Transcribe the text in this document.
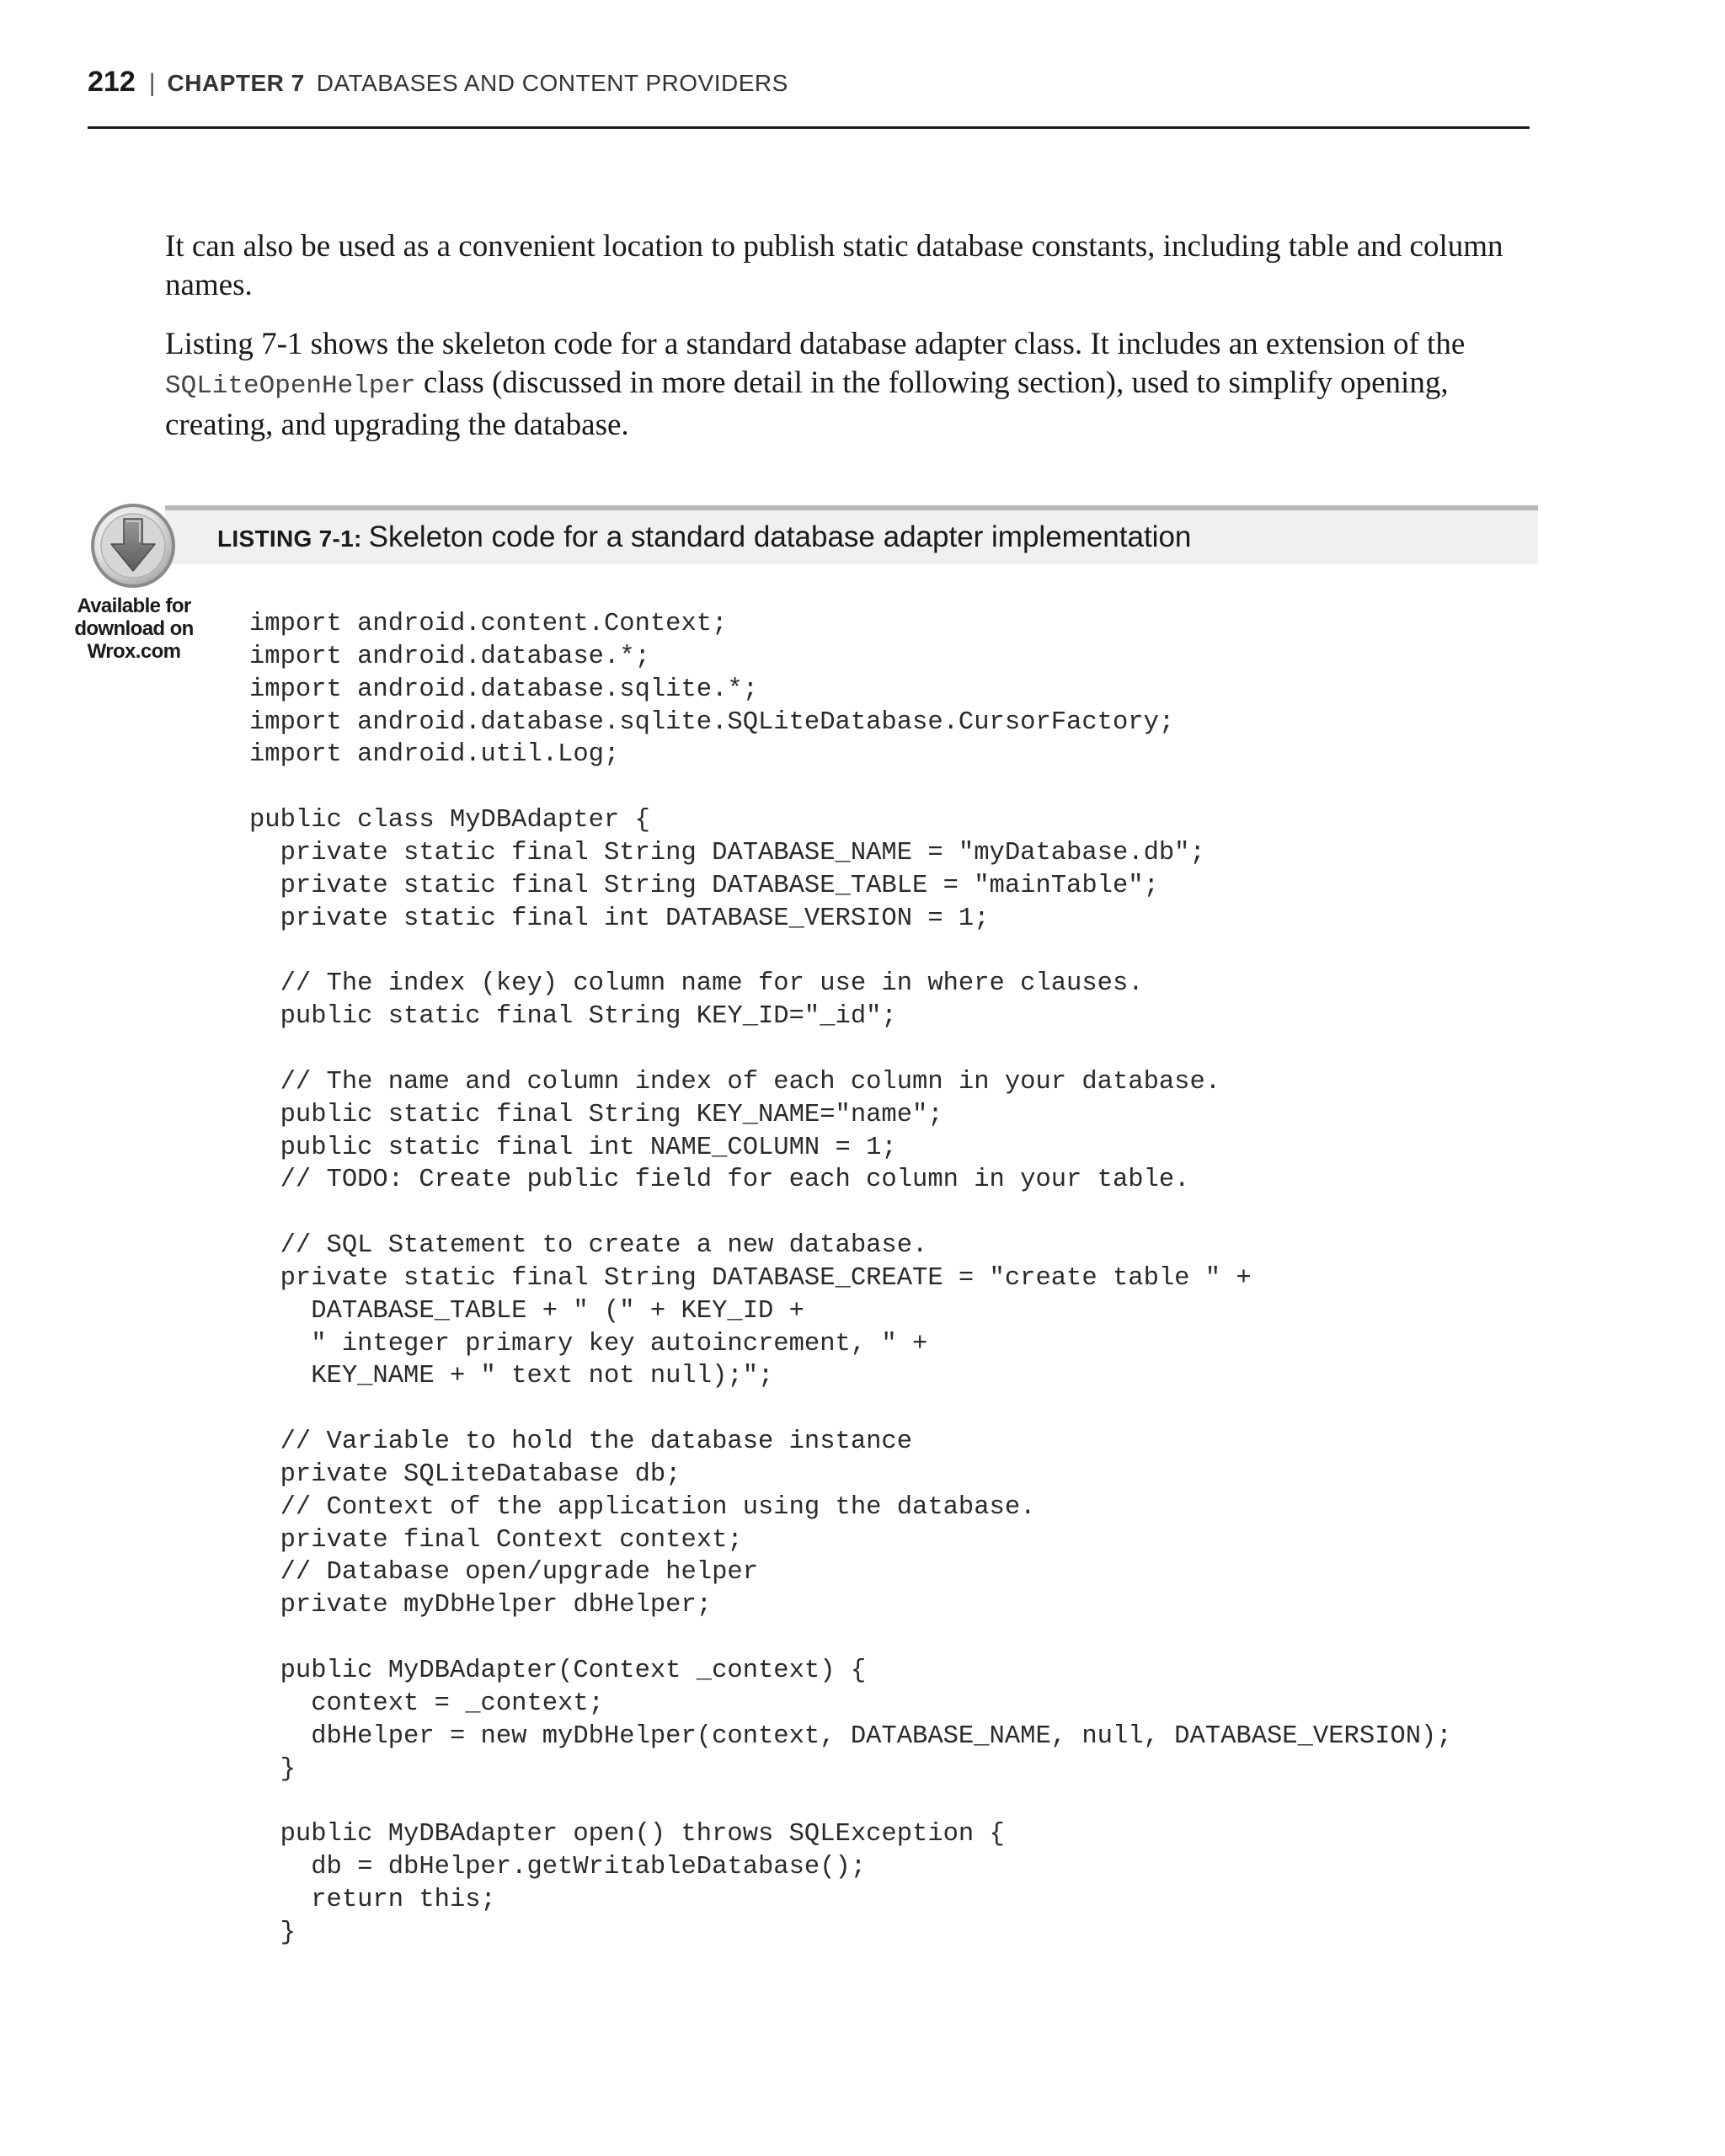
212 | CHAPTER 7 DATABASES AND CONTENT PROVIDERS

It can also be used as a convenient location to publish static database constants, including table and column names.

Listing 7-1 shows the skeleton code for a standard database adapter class. It includes an extension of the SQLiteOpenHelper class (discussed in more detail in the following section), used to simplify opening, creating, and upgrading the database.

LISTING 7-1: Skeleton code for a standard database adapter implementation
Available for
download on
Wrox.com
import android.content.Context;
import android.database.*;
import android.database.sqlite.*;
import android.database.sqlite.SQLiteDatabase.CursorFactory;
import android.util.Log;
public class MyDBAdapter {
private static final String DATABASE_NAME = "myDatabase.db";
private static final String DATABASE_TABLE = "mainTable";
private static final int DATABASE_VERSION = 1;
// The index (key) column name for use in where clauses.
public static final String KEY_ID="_id";
// The name and column index of each column in your database.
public static final String KEY_NAME="name";
public static final int NAME_COLUMN = 1;
// TODO: Create public field for each column in your table.
// SQL Statement to create a new database.
private static final String DATABASE_CREATE = "create table " +
DATABASE_TABLE + " (" + KEY_ID +
" integer primary key autoincrement, " +
KEY_NAME + " text not null);";
// Variable to hold the database instance
private SQLiteDatabase db;
// Context of the application using the database.
private final Context context;
// Database open/upgrade helper
private myDbHelper dbHelper;
public MyDBAdapter(Context _context) {
context = _context;
dbHelper = new myDbHelper(context, DATABASE_NAME, null, DATABASE_VERSION);
}
public MyDBAdapter open() throws SQLException {
db = dbHelper.getWritableDatabase();
return this;
}
